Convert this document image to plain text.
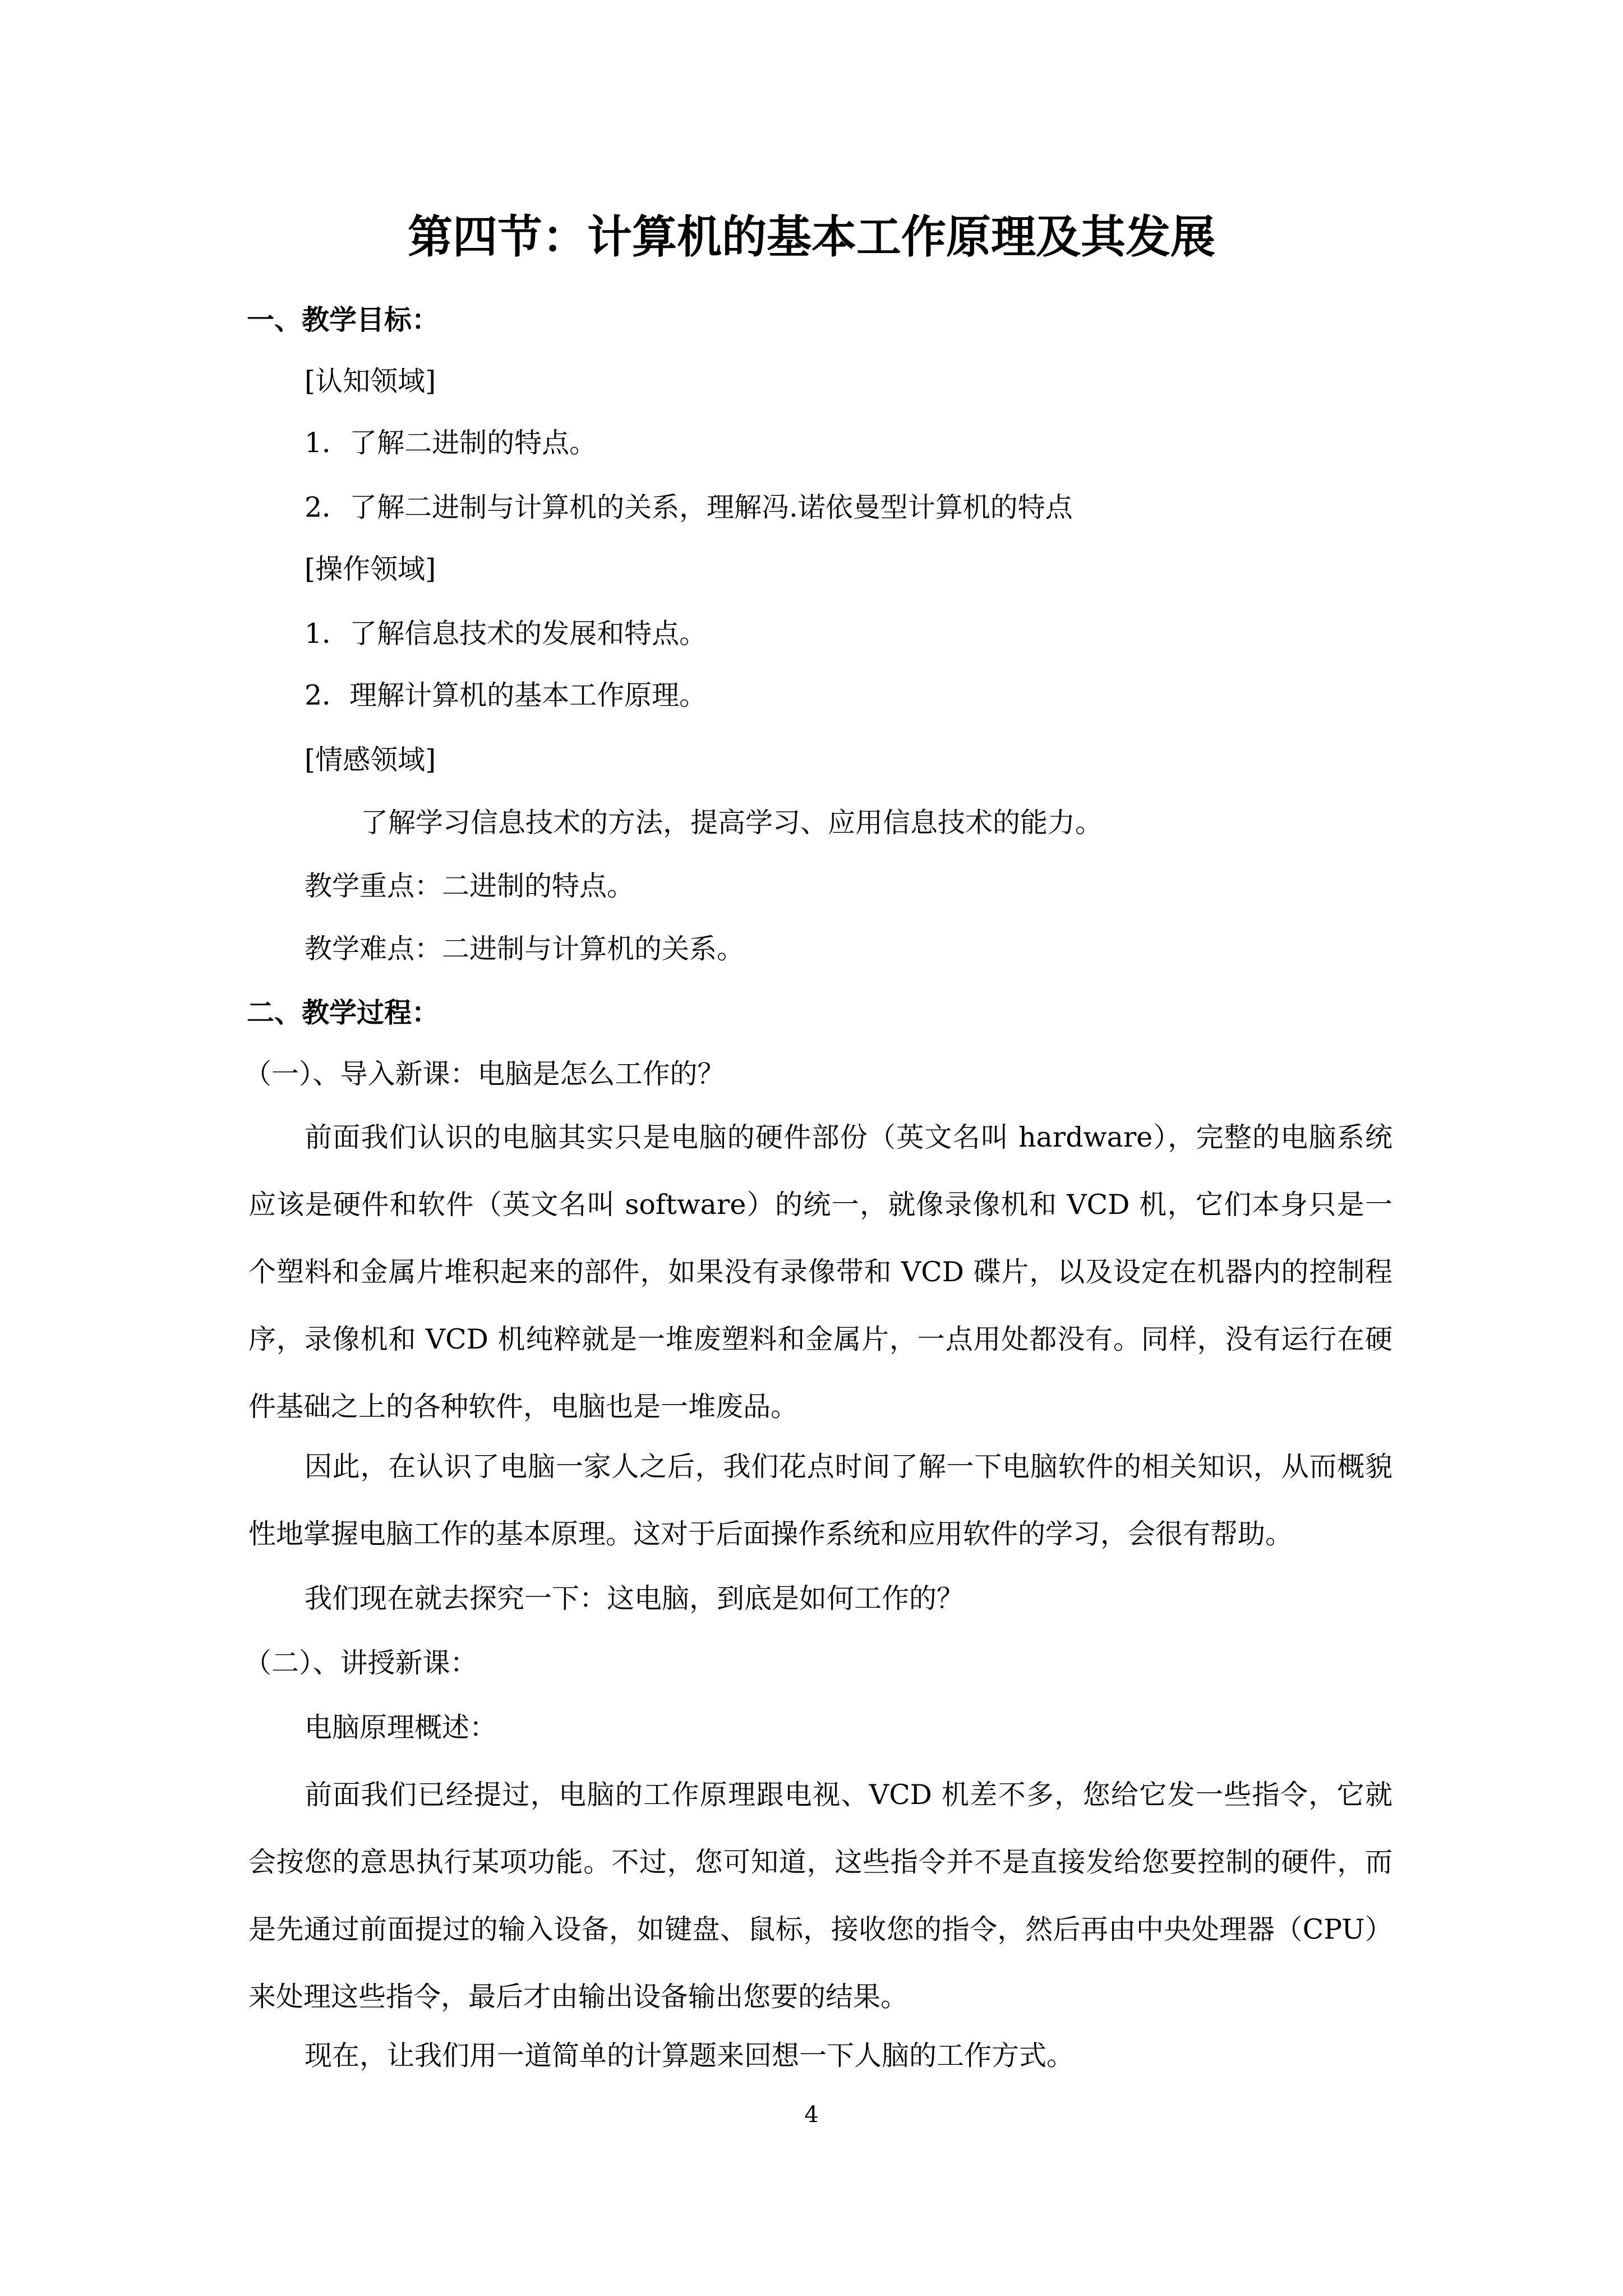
第四节：计算机的基本工作原理及其发展
一、教学目标：
[认知领域]
1．了解二进制的特点。
2．了解二进制与计算机的关系，理解冯.诺依曼型计算机的特点
[操作领域]
1．了解信息技术的发展和特点。
2．理解计算机的基本工作原理。
[情感领域]
了解学习信息技术的方法，提高学习、应用信息技术的能力。
教学重点：二进制的特点。
教学难点：二进制与计算机的关系。
二、教学过程：
（一）、导入新课：电脑是怎么工作的？
前面我们认识的电脑其实只是电脑的硬件部份（英文名叫 hardware），完整的电脑系统应该是硬件和软件（英文名叫 software）的统一，就像录像机和 VCD 机，它们本身只是一个塑料和金属片堆积起来的部件，如果没有录像带和 VCD 碟片，以及设定在机器内的控制程序，录像机和 VCD 机纯粹就是一堆废塑料和金属片，一点用处都没有。同样，没有运行在硬件基础之上的各种软件，电脑也是一堆废品。
因此，在认识了电脑一家人之后，我们花点时间了解一下电脑软件的相关知识，从而概貌性地掌握电脑工作的基本原理。这对于后面操作系统和应用软件的学习，会很有帮助。
我们现在就去探究一下：这电脑，到底是如何工作的？
（二）、讲授新课：
电脑原理概述：
前面我们已经提过，电脑的工作原理跟电视、VCD 机差不多，您给它发一些指令，它就会按您的意思执行某项功能。不过，您可知道，这些指令并不是直接发给您要控制的硬件，而是先通过前面提过的输入设备，如键盘、鼠标，接收您的指令，然后再由中央处理器（CPU）来处理这些指令，最后才由输出设备输出您要的结果。
现在，让我们用一道简单的计算题来回想一下人脑的工作方式。
4
